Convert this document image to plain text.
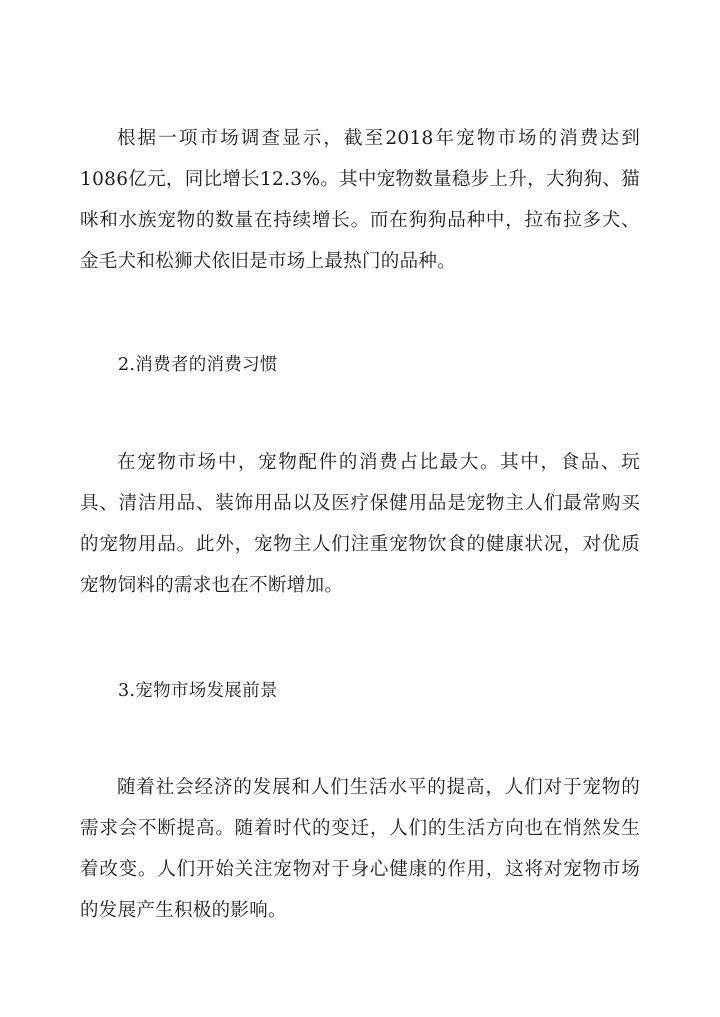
根据一项市场调查显示，截至2018年宠物市场的消费达到1086亿元，同比增长12.3%。其中宠物数量稳步上升，大狗狗、猫咪和水族宠物的数量在持续增长。而在狗狗品种中，拉布拉多犬、金毛犬和松狮犬依旧是市场上最热门的品种。

2.消费者的消费习惯

在宠物市场中，宠物配件的消费占比最大。其中，食品、玩具、清洁用品、装饰用品以及医疗保健用品是宠物主人们最常购买的宠物用品。此外，宠物主人们注重宠物饮食的健康状况，对优质宠物饲料的需求也在不断增加。

3.宠物市场发展前景

随着社会经济的发展和人们生活水平的提高，人们对于宠物的需求会不断提高。随着时代的变迁，人们的生活方向也在悄然发生着改变。人们开始关注宠物对于身心健康的作用，这将对宠物市场的发展产生积极的影响。
